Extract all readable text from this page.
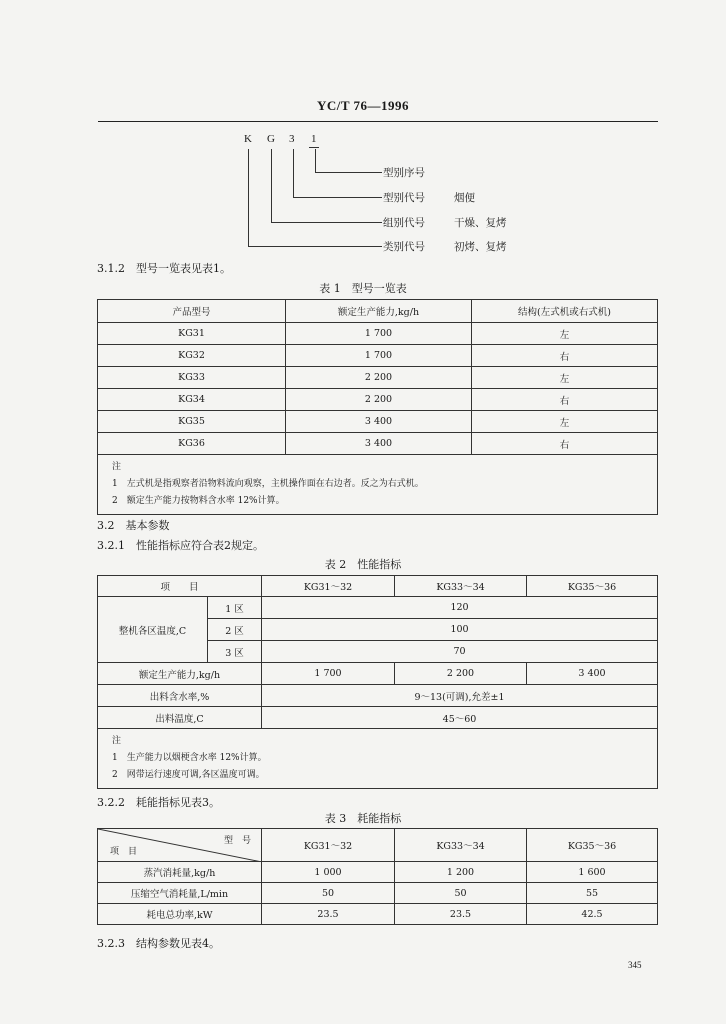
YC/T 76—1996
K G 3 1
型别序号
型别代号
组别代号
类别代号
烟便
干燥、复烤
初烤、复烤
3.1.2　型号一览表见表1。
表 1　型号一览表
产品型号	额定生产能力,kg/h	结构(左式机或右式机)
KG31	1 700	左
KG32	1 700	右
KG33	2 200	左
KG34	2 200	右
KG35	3 400	左
KG36	3 400	右

注
1　左式机是指观察者沿物料流向观察，主机操作面在右边者。反之为右式机。
2　额定生产能力按物料含水率 12%计算。		
3.2　基本参数
3.2.1　性能指标应符合表2规定。
表 2　性能指标
项　　目		KG31～32	KG33～34	KG35～36
整机各区温度,C	1 区	120		
	2 区	100		
	3 区	70		
额定生产能力,kg/h		1 700	2 200	3 400
出料含水率,%		9～13(可调),允差±1		
出料温度,C		45～60		

注
1　生产能力以烟梗含水率 12%计算。
2　网带运行速度可调,各区温度可调。				
3.2.2　耗能指标见表3。
表 3　耗能指标
型　号
项　目	KG31～32	KG33～34	KG35～36
蒸汽消耗量,kg/h	1 000	1 200	1 600
压缩空气消耗量,L/min	50	50	55
耗电总功率,kW	23.5	23.5	42.5
3.2.3　结构参数见表4。
345
